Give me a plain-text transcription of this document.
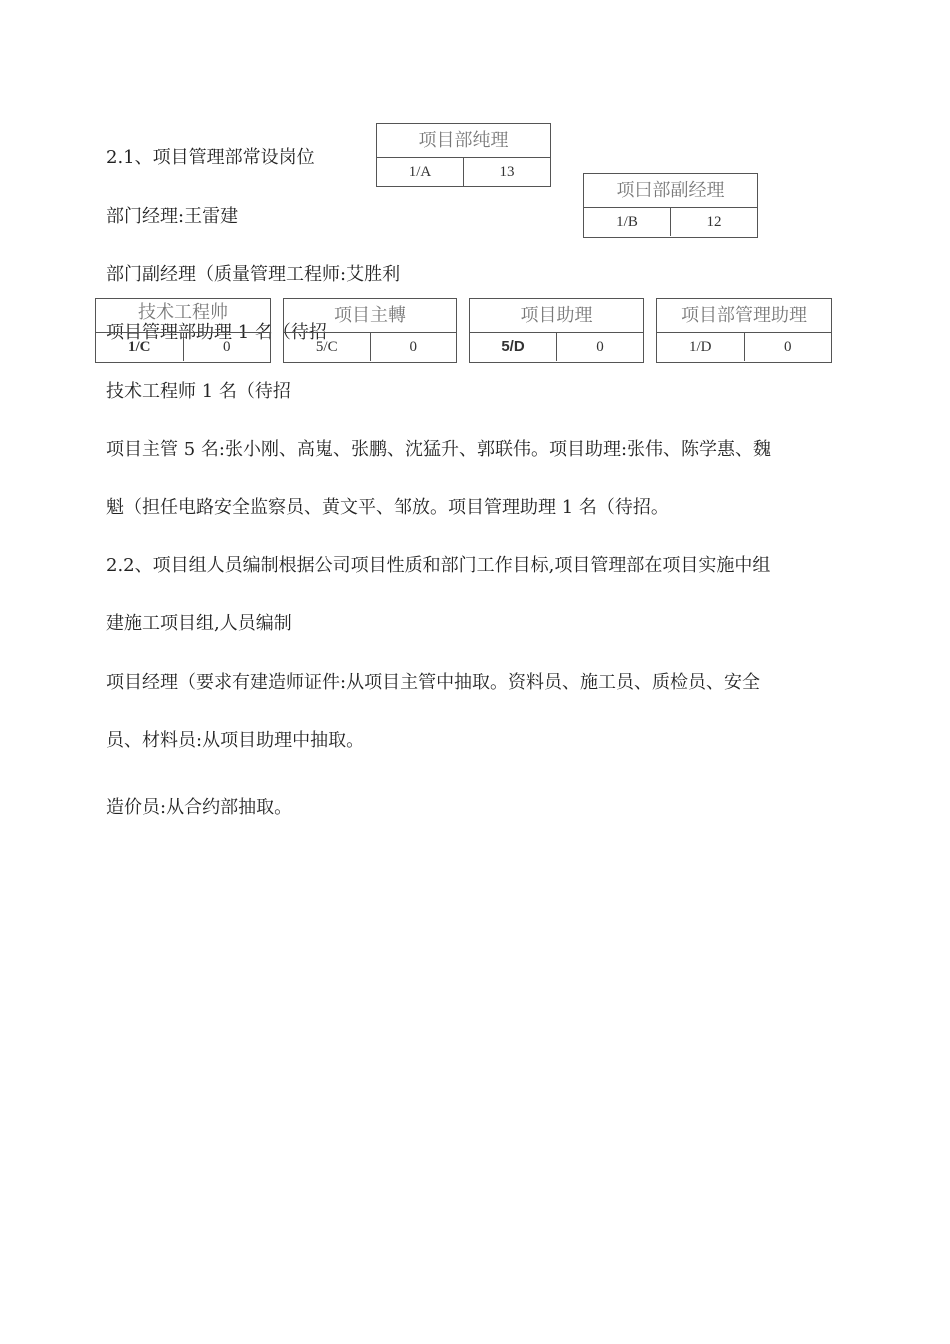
2.1、项目管理部常设岗位

部门经理:王雷建

部门副经理（质量管理工程师:艾胜利

项目管理部助理 1 名（待招

技术工程师 1 名（待招

项目主管 5 名:张小刚、高嵬、张鹏、沈猛升、郭联伟。项目助理:张伟、陈学惠、魏

魁（担任电路安全监察员、黄文平、邹放。项目管理助理 1 名（待招。

2.2、项目组人员编制根据公司项目性质和部门工作目标,项目管理部在项目实施中组

建施工项目组,人员编制

项目经理（要求有建造师证件:从项目主管中抽取。资料员、施工员、质检员、安全

员、材料员:从项目助理中抽取。

造价员:从合约部抽取。

项目部纯理
1/A	13
项曰部副经理
1/B	12
技术工程帅
1/C	0
项目主轉
5/C	0
项目助理
5/D	0
项目部管理助理
1/D	0
